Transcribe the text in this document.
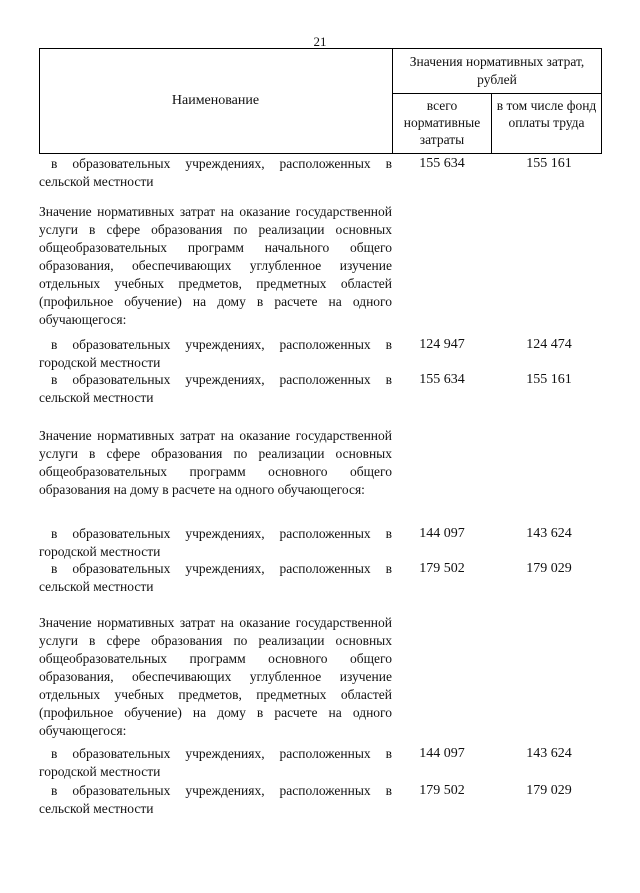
21
Наименование
Значения нормативных затрат, рублей
всего нормативные затраты
в том числе фонд оплаты труда
в образовательных учреждениях, расположенных в сельской местности
155 634	155 161
Значение нормативных затрат на оказание государственной услуги в сфере образования по реализации основных общеобразовательных программ начального общего образования, обеспечивающих углубленное изучение отдельных учебных предметов, предметных областей (профильное обучение) на дому в расчете на одного обучающегося:
в образовательных учреждениях, расположенных в городской местности
124 947	124 474
в образовательных учреждениях, расположенных в сельской местности
155 634	155 161
Значение нормативных затрат на оказание государственной услуги в сфере образования по реализации основных общеобразовательных программ основного общего образования на дому в расчете на одного обучающегося:
в образовательных учреждениях, расположенных в городской местности
144 097	143 624
в образовательных учреждениях, расположенных в сельской местности
179 502	179 029
Значение нормативных затрат на оказание государственной услуги в сфере образования по реализации основных общеобразовательных программ основного общего образования, обеспечивающих углубленное изучение отдельных учебных предметов, предметных областей (профильное обучение) на дому в расчете на одного обучающегося:
в образовательных учреждениях, расположенных в городской местности
144 097	143 624
в образовательных учреждениях, расположенных в сельской местности
179 502	179 029
